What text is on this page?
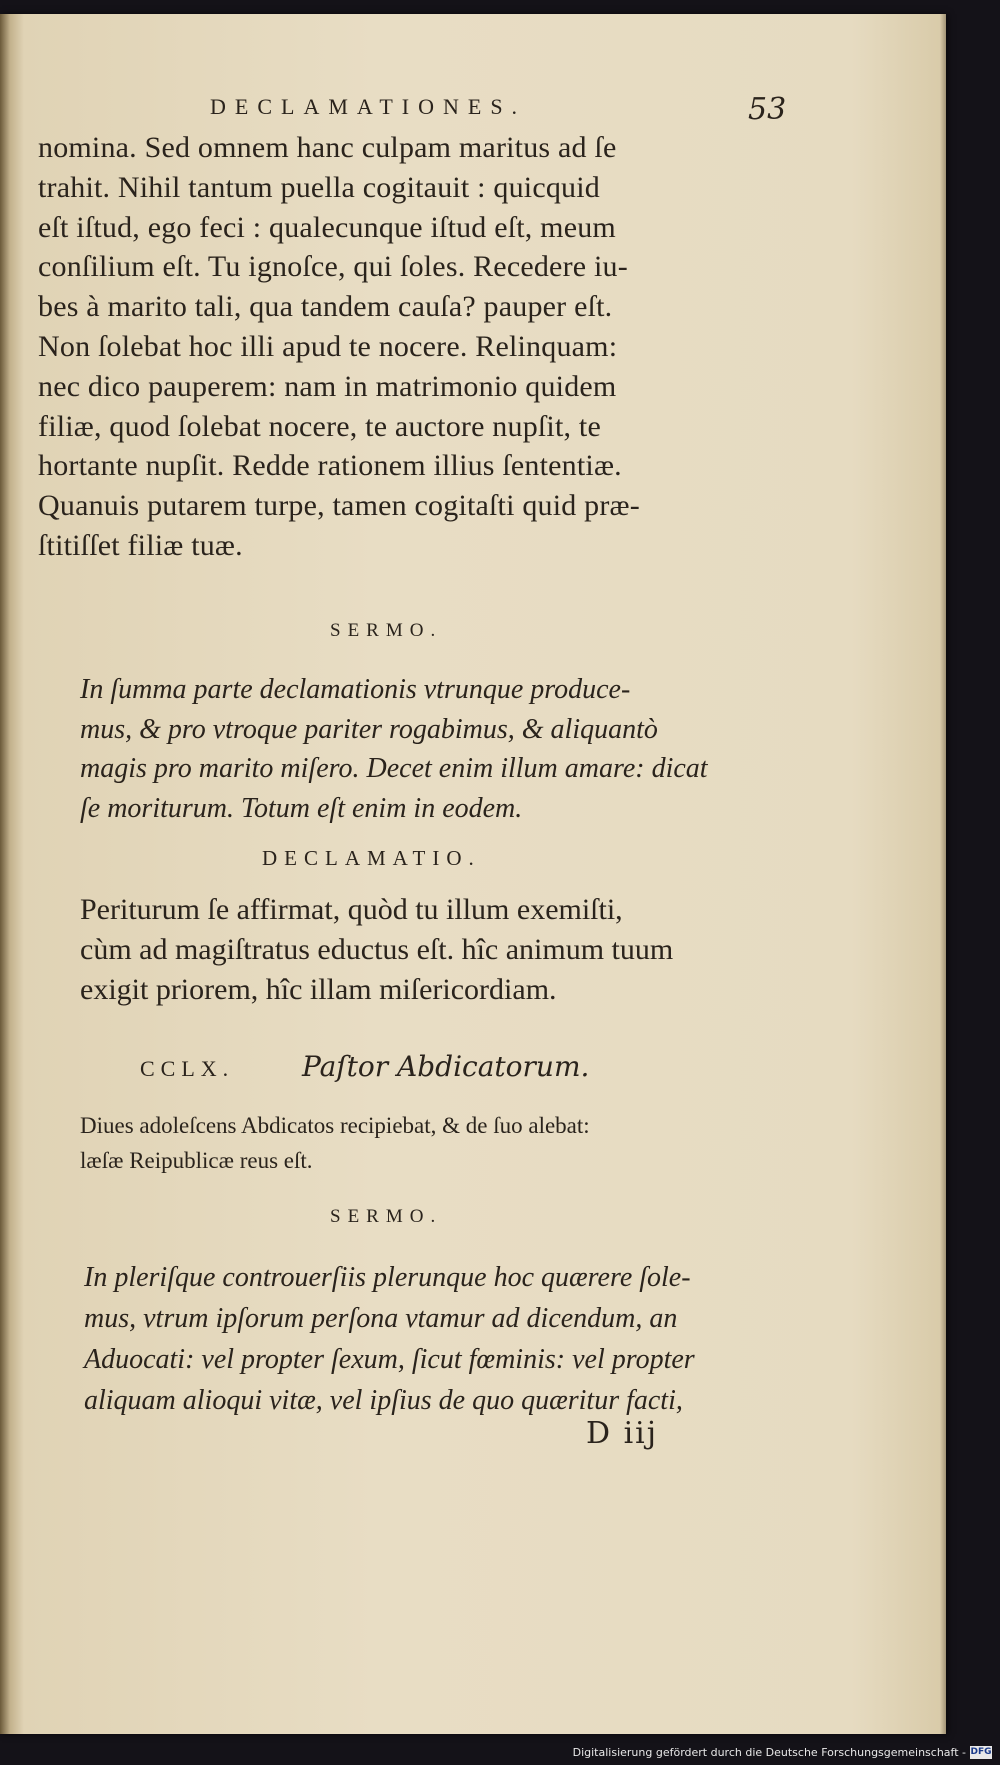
DECLAMATIONES.	53
nomina. Sed omnem hanc culpam maritus ad ſe
trahit. Nihil tantum puella cogitauit : quicquid
eſt iſtud, ego feci : qualecunque iſtud eſt, meum
conſilium eſt. Tu ignoſce, qui ſoles. Recedere iu-
bes à marito tali, qua tandem cauſa? pauper eſt.
Non ſolebat hoc illi apud te nocere. Relinquam:
nec dico pauperem: nam in matrimonio quidem
filiæ, quod ſolebat nocere, te auctore nupſit, te
hortante nupſit. Redde rationem illius ſententiæ.
Quanuis putarem turpe, tamen cogitaſti quid præ-
ſtitiſſet filiæ tuæ.
SERMO.
In ſumma parte declamationis vtrunque produce-
mus, & pro vtroque pariter rogabimus, & aliquantò
magis pro marito miſero. Decet enim illum amare: dicat
ſe moriturum. Totum eſt enim in eodem.
DECLAMATIO.
Periturum ſe affirmat, quòd tu illum exemiſti,
cùm ad magiſtratus eductus eſt. hîc animum tuum
exigit priorem, hîc illam miſericordiam.
CCLX. Paſtor Abdicatorum.
Diues adoleſcens Abdicatos recipiebat, & de ſuo alebat:
læſæ Reipublicæ reus eſt.
SERMO.
In pleriſque controuerſiis plerunque hoc quærere ſole-
mus, vtrum ipſorum perſona vtamur ad dicendum, an
Aduocati: vel propter ſexum, ſicut fœminis: vel propter
aliquam alioqui vitæ, vel ipſius de quo quæritur facti,
D iij
Digitalisierung gefördert durch die Deutsche Forschungsgemeinschaft - DFG
